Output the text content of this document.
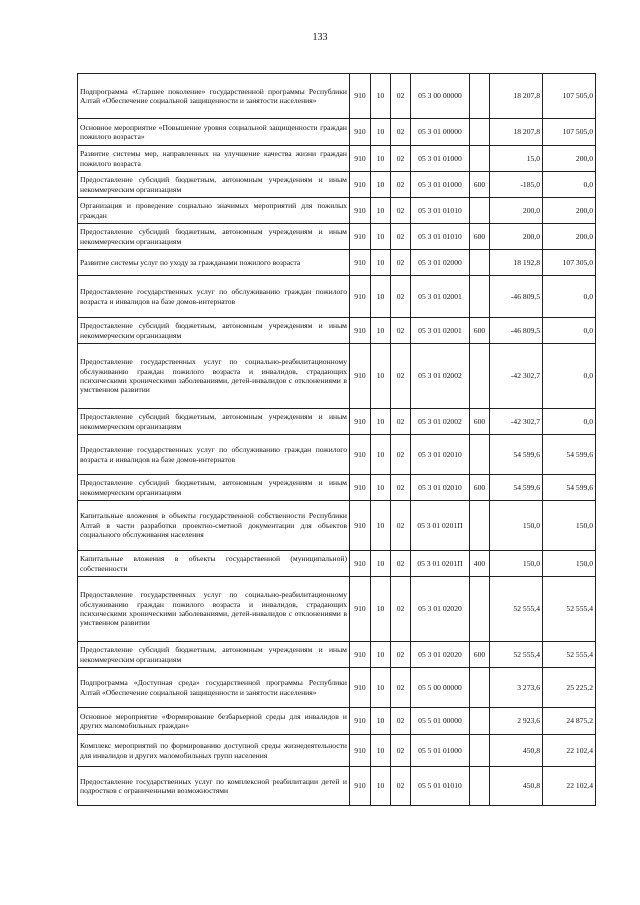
133
Подпрограмма «Старшее поколение» государственной программы Республики Алтай «Обеспечение социальной защищенности и занятости населения»	910	10	02	05 3 00 00000		18 207,8	107 505,0
Основное мероприятие «Повышение уровня социальной защищенности граждан пожилого возраста»	910	10	02	05 3 01 00000		18 207,8	107 505,0
Развитие системы мер, направленных на улучшение качества жизни граждан пожилого возраста	910	10	02	05 3 01 01000		15,0	200,0
Предоставление субсидий бюджетным, автономным учреждениям и иным некоммерческим организациям	910	10	02	05 3 01 01000	600	-185,0	0,0
Организация и проведение социально значимых мероприятий для пожилых граждан	910	10	02	05 3 01 01010		200,0	200,0
Предоставление субсидий бюджетным, автономным учреждениям и иным некоммерческим организациям	910	10	02	05 3 01 01010	600	200,0	200,0
Развитие системы услуг по уходу за гражданами пожилого возраста	910	10	02	05 3 01 02000		18 192,8	107 305,0
Предоставление государственных услуг по обслуживанию граждан пожилого возраста и инвалидов на базе домов-интернатов	910	10	02	05 3 01 02001		-46 809,5	0,0
Предоставление субсидий бюджетным, автономным учреждениям и иным некоммерческим организациям	910	10	02	05 3 01 02001	600	-46 809,5	0,0
Предоставление государственных услуг по социально-реабилитационному обслуживанию граждан пожилого возраста и инвалидов, страдающих психическими хроническими заболеваниями, детей-инвалидов с отклонениями в умственном развитии	910	10	02	05 3 01 02002		-42 302,7	0,0
Предоставление субсидий бюджетным, автономным учреждениям и иным некоммерческим организациям	910	10	02	05 3 01 02002	600	-42 302,7	0,0
Предоставление государственных услуг по обслуживанию граждан пожилого возраста и инвалидов на базе домов-интернатов	910	10	02	05 3 01 02010		54 599,6	54 599,6
Предоставление субсидий бюджетным, автономным учреждениям и иным некоммерческим организациям	910	10	02	05 3 01 02010	600	54 599,6	54 599,6
Капитальные вложения в объекты государственной собственности Республики Алтай в части разработки проектно-сметной документации для объектов социального обслуживания населения	910	10	02	05 3 01 0201П		150,0	150,0
Капитальные вложения в объекты государственной (муниципальной) собственности	910	10	02	05 3 01 0201П	400	150,0	150,0
Предоставление государственных услуг по социально-реабилитационному обслуживанию граждан пожилого возраста и инвалидов, страдающих психическими хроническими заболеваниями, детей-инвалидов с отклонениями в умственном развитии	910	10	02	05 3 01 02020		52 555,4	52 555,4
Предоставление субсидий бюджетным, автономным учреждениям и иным некоммерческим организациям	910	10	02	05 3 01 02020	600	52 555,4	52 555,4
Подпрограмма «Доступная среда» государственной программы Республики Алтай «Обеспечение социальной защищенности и занятости населения»	910	10	02	05 5 00 00000		3 273,6	25 225,2
Основное мероприятие «Формирование безбарьерной среды для инвалидов и других маломобильных граждан»	910	10	02	05 5 01 00000		2 923,6	24 875,2
Комплекс мероприятий по формированию доступной среды жизнедеятельности для инвалидов и других маломобильных групп населения	910	10	02	05 5 01 01000		450,8	22 102,4
Предоставление государственных услуг по комплексной реабилитации детей и подростков с ограниченными возможностями	910	10	02	05 5 01 01010		450,8	22 102,4
